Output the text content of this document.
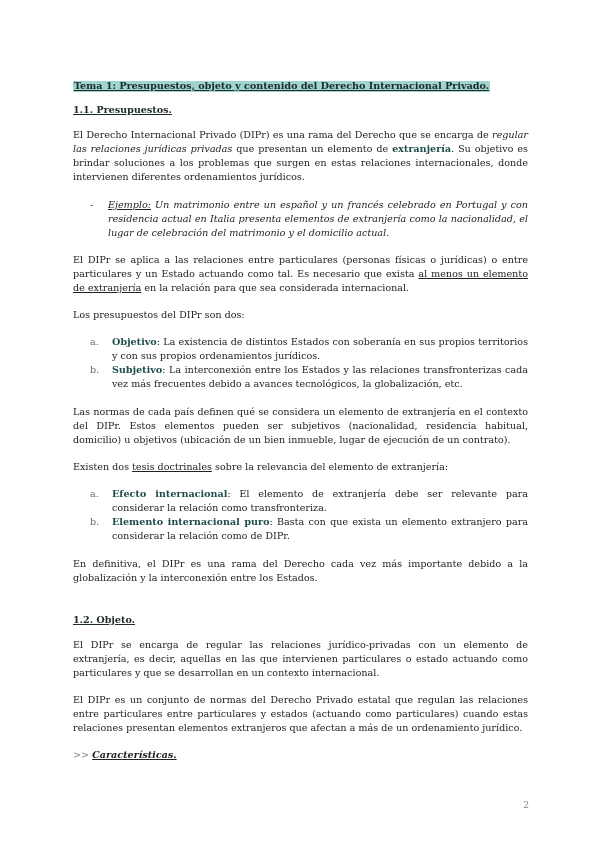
Tema 1: Presupuestos, objeto y contenido del Derecho Internacional Privado.

1.1. Presupuestos.

El Derecho Internacional Privado (DIPr) es una rama del Derecho que se encarga de regular las relaciones jurídicas privadas que presentan un elemento de extranjería. Su objetivo es brindar soluciones a los problemas que surgen en estas relaciones internacionales, donde intervienen diferentes ordenamientos jurídicos.

-	Ejemplo: Un matrimonio entre un español y un francés celebrado en Portugal y con residencia actual en Italia presenta elementos de extranjería como la nacionalidad, el lugar de celebración del matrimonio y el domicilio actual.

El DIPr se aplica a las relaciones entre particulares (personas físicas o jurídicas) o entre particulares y un Estado actuando como tal. Es necesario que exista al menos un elemento de extranjería en la relación para que sea considerada internacional.

Los presupuestos del DIPr son dos:

a.	Objetivo: La existencia de distintos Estados con soberanía en sus propios territorios y con sus propios ordenamientos jurídicos.
b.	Subjetivo: La interconexión entre los Estados y las relaciones transfronterizas cada vez más frecuentes debido a avances tecnológicos, la globalización, etc.

Las normas de cada país definen qué se considera un elemento de extranjería en el contexto del DIPr. Estos elementos pueden ser subjetivos (nacionalidad, residencia habitual, domicilio) u objetivos (ubicación de un bien inmueble, lugar de ejecución de un contrato).

Existen dos tesis doctrinales sobre la relevancia del elemento de extranjería:

a.	Efecto internacional: El elemento de extranjería debe ser relevante para considerar la relación como transfronteriza.
b.	Elemento internacional puro: Basta con que exista un elemento extranjero para considerar la relación como de DIPr.

En definitiva, el DIPr es una rama del Derecho cada vez más importante debido a la globalización y la interconexión entre los Estados.

1.2. Objeto.

El DIPr se encarga de regular las relaciones jurídico-privadas con un elemento de extranjería, es decir, aquellas en las que intervienen particulares o estado actuando como particulares y que se desarrollan en un contexto internacional.

El DIPr es un conjunto de normas del Derecho Privado estatal que regulan las relaciones entre particulares entre particulares y estados (actuando como particulares) cuando estas relaciones presentan elementos extranjeros que afectan a más de un ordenamiento jurídico.

>> Características.

2
